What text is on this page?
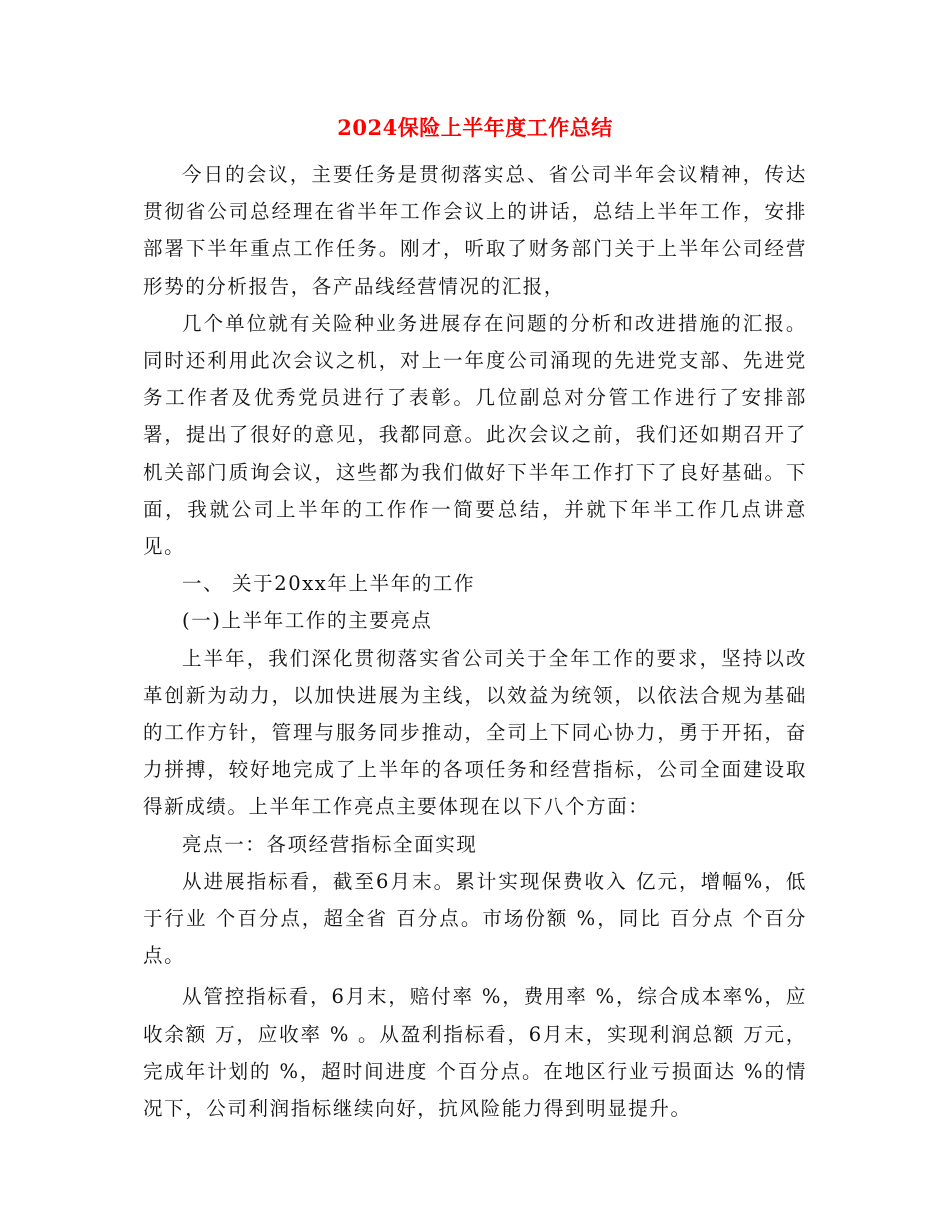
2024保险上半年度工作总结

今日的会议，主要任务是贯彻落实总、省公司半年会议精神，传达贯彻省公司总经理在省半年工作会议上的讲话，总结上半年工作，安排部署下半年重点工作任务。刚才，听取了财务部门关于上半年公司经营形势的分析报告，各产品线经营情况的汇报，

几个单位就有关险种业务进展存在问题的分析和改进措施的汇报。同时还利用此次会议之机，对上一年度公司涌现的先进党支部、先进党务工作者及优秀党员进行了表彰。几位副总对分管工作进行了安排部署，提出了很好的意见，我都同意。此次会议之前，我们还如期召开了机关部门质询会议，这些都为我们做好下半年工作打下了良好基础。下面，我就公司上半年的工作作一简要总结，并就下年半工作几点讲意见。

一、 关于20xx年上半年的工作

(一)上半年工作的主要亮点

上半年，我们深化贯彻落实省公司关于全年工作的要求，坚持以改革创新为动力，以加快进展为主线，以效益为统领，以依法合规为基础的工作方针，管理与服务同步推动，全司上下同心协力，勇于开拓，奋力拼搏，较好地完成了上半年的各项任务和经营指标，公司全面建设取得新成绩。上半年工作亮点主要体现在以下八个方面：

亮点一：各项经营指标全面实现

从进展指标看，截至6月末。累计实现保费收入 亿元，增幅%，低于行业 个百分点，超全省 百分点。市场份额 %，同比 百分点 个百分点。

从管控指标看，6月末，赔付率 %，费用率 %，综合成本率%，应收余额 万，应收率 % 。从盈利指标看，6月末，实现利润总额 万元，完成年计划的 %，超时间进度 个百分点。在地区行业亏损面达 %的情况下，公司利润指标继续向好，抗风险能力得到明显提升。
